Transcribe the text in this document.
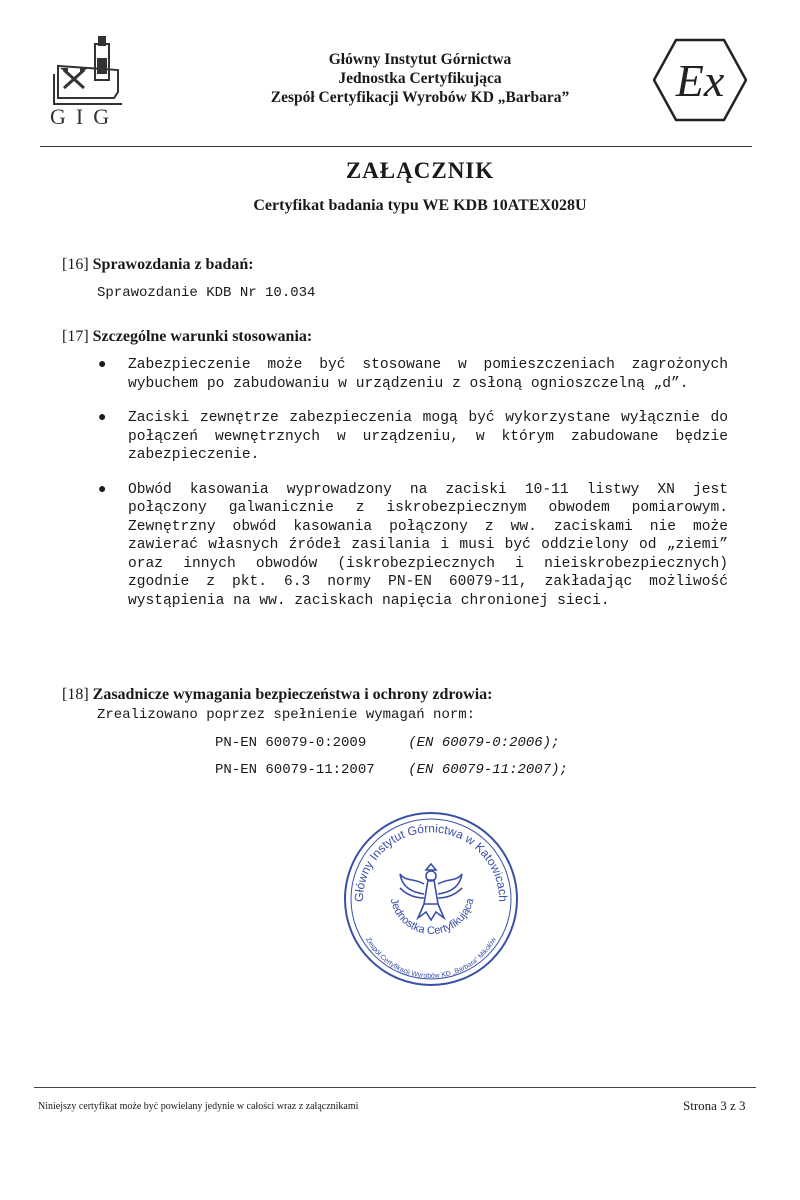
GIG
Główny Instytut Górnictwa
Jednostka Certyfikująca
Zespół Certyfikacji Wyrobów KD „Barbara”	Ex
ZAŁĄCZNIK
Certyfikat badania typu WE KDB 10ATEX028U
[16] Sprawozdania z badań:
Sprawozdanie KDB Nr 10.034
[17] Szczególne warunki stosowania:
● Zabezpieczenie może być stosowane w pomieszczeniach zagrożonych wybuchem po zabudowaniu w urządzeniu z osłoną ognioszczelną „d”.
● Zaciski zewnętrze zabezpieczenia mogą być wykorzystane wyłącznie do połączeń wewnętrznych w urządzeniu, w którym zabudowane będzie zabezpieczenie.
● Obwód kasowania wyprowadzony na zaciski 10-11 listwy XN jest połączony galwanicznie z iskrobezpiecznym obwodem pomiarowym. Zewnętrzny obwód kasowania połączony z ww. zaciskami nie może zawierać własnych źródeł zasilania i musi być oddzielony od „ziemi” oraz innych obwodów (iskrobezpiecznych i nieiskrobezpiecznych) zgodnie z pkt. 6.3 normy PN-EN 60079-11, zakładając możliwość wystąpienia na ww. zaciskach napięcia chronionej sieci.
[18] Zasadnicze wymagania bezpieczeństwa i ochrony zdrowia:
Zrealizowano poprzez spełnienie wymagań norm:
PN-EN 60079-0:2009	(EN 60079-0:2006);
PN-EN 60079-11:2007 (EN 60079-11:2007);
Główny Instytut Górnictwa w Katowicach
Jednostka Certyfikująca
Zespół Certyfikacji Wyrobów KD „Barbara” Mikołów
Niniejszy certyfikat może być powielany jedynie w całości wraz z załącznikami	Strona 3 z 3
